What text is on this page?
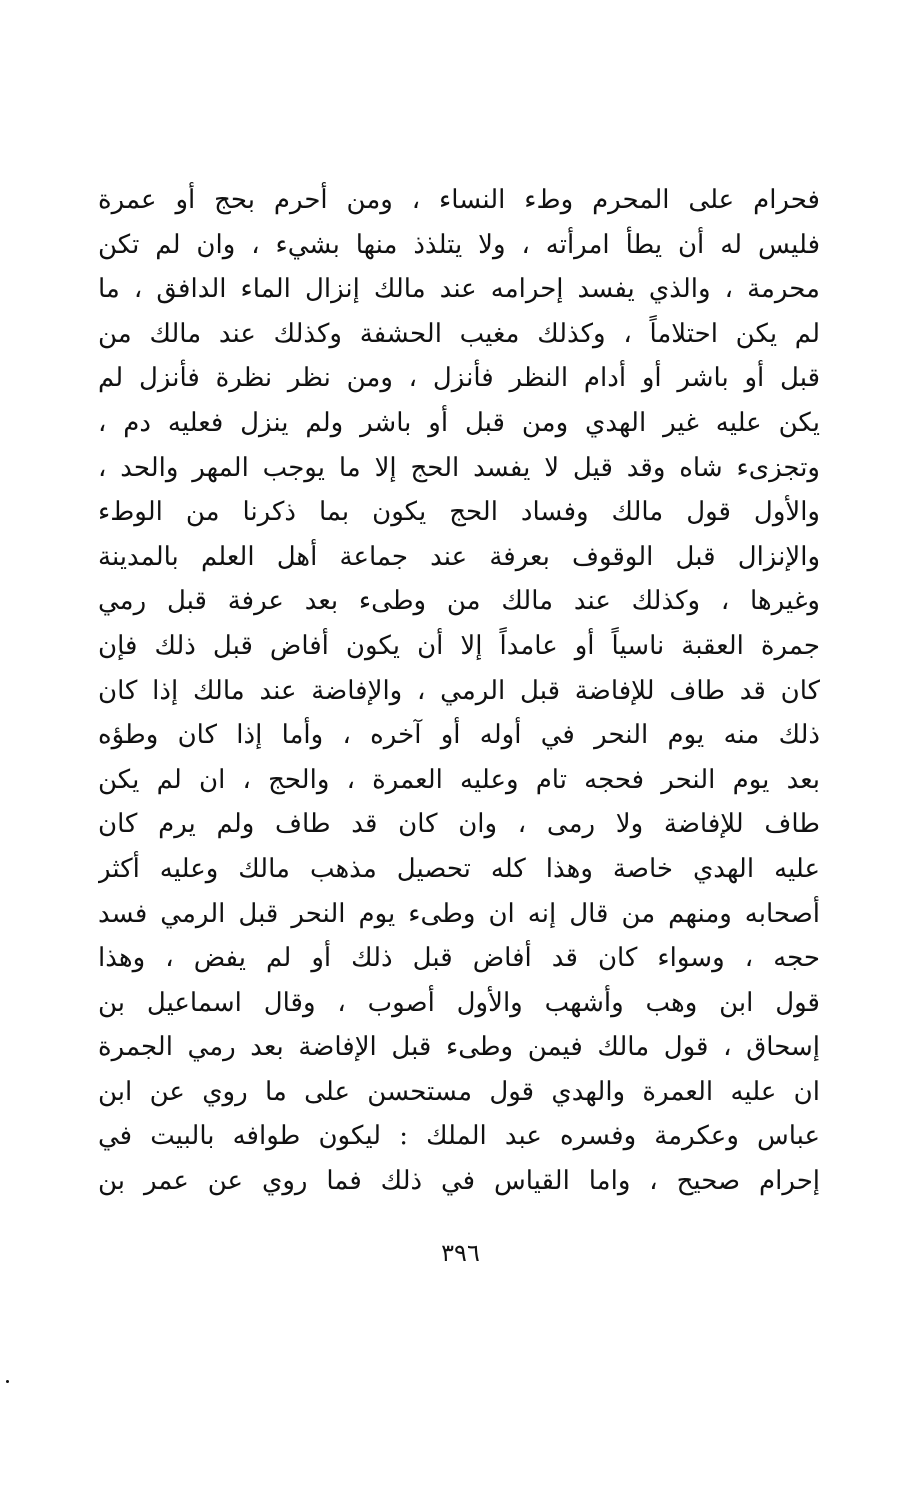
فحرام على المحرم وطء النساء ، ومن أحرم بحج أو عمرة
فليس له أن يطأ امرأته ، ولا يتلذذ منها بشيء ، وان لم تكن
محرمة ، والذي يفسد إحرامه عند مالك إنزال الماء الدافق ، ما
لم يكن احتلاماً ، وكذلك مغيب الحشفة وكذلك عند مالك من
قبل أو باشر أو أدام النظر فأنزل ، ومن نظر نظرة فأنزل لم
يكن عليه غير الهدي ومن قبل أو باشر ولم ينزل فعليه دم ،
وتجزىء شاه وقد قيل لا يفسد الحج إلا ما يوجب المهر والحد ،
والأول قول مالك وفساد الحج يكون بما ذكرنا من الوطء
والإنزال قبل الوقوف بعرفة عند جماعة أهل العلم بالمدينة
وغيرها ، وكذلك عند مالك من وطىء بعد عرفة قبل رمي
جمرة العقبة ناسياً أو عامداً إلا أن يكون أفاض قبل ذلك فإن
كان قد طاف للإفاضة قبل الرمي ، والإفاضة عند مالك إذا كان
ذلك منه يوم النحر في أوله أو آخره ، وأما إذا كان وطؤه
بعد يوم النحر فحجه تام وعليه العمرة ، والحج ، ان لم يكن
طاف للإفاضة ولا رمى ، وان كان قد طاف ولم يرم كان
عليه الهدي خاصة وهذا كله تحصيل مذهب مالك وعليه أكثر
أصحابه ومنهم من قال إنه ان وطىء يوم النحر قبل الرمي فسد
حجه ، وسواء كان قد أفاض قبل ذلك أو لم يفض ، وهذا
قول ابن وهب وأشهب والأول أصوب ، وقال اسماعيل بن
إسحاق ، قول مالك فيمن وطىء قبل الإفاضة بعد رمي الجمرة
ان عليه العمرة والهدي قول مستحسن على ما روي عن ابن
عباس وعكرمة وفسره عبد الملك : ليكون طوافه بالبيت في
إحرام صحيح ، واما القياس في ذلك فما روي عن عمر بن
٣٩٦
